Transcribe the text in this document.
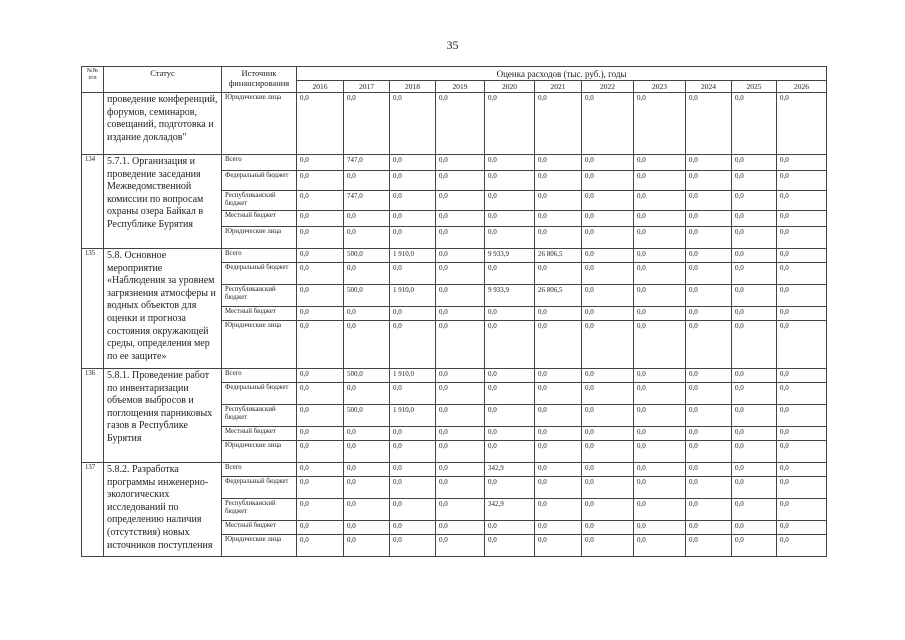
35
№№ п/п	Статус	Источник финансирования	Оценка расходов (тыс. руб.), годы										
			2016	2017	2018	2019	2020	2021	2022	2023	2024	2025	2026
	проведение конференций, форумов, семинаров, совещаний, подготовка и издание докладов"	Юридические лица	0,0	0,0	0,0	0,0	0,0	0,0	0,0	0,0	0,0	0,0	0,0
134	5.7.1. Организация и проведение заседания Межведомственной комиссии по вопросам охраны озера Байкал в Республике Бурятия	Всего	0,0	747,0	0,0	0,0	0,0	0,0	0,0	0,0	0,0	0,0	0,0
		Федеральный бюджет	0,0	0,0	0,0	0,0	0,0	0,0	0,0	0,0	0,0	0,0	0,0
		Республиканский бюджет	0,0	747,0	0,0	0,0	0,0	0,0	0,0	0,0	0,0	0,0	0,0
		Местный бюджет	0,0	0,0	0,0	0,0	0,0	0,0	0,0	0,0	0,0	0,0	0,0
		Юридические лица	0,0	0,0	0,0	0,0	0,0	0,0	0,0	0,0	0,0	0,0	0,0
135	5.8. Основное мероприятие «Наблюдения за уровнем загрязнения атмосферы и водных объектов для оценки и прогноза состояния окружающей среды, определения мер по ее защите»	Всего	0,0	500,0	1 910,0	0,0	9 933,9	26 806,5	0,0	0,0	0,0	0,0	0,0
		Федеральный бюджет	0,0	0,0	0,0	0,0	0,0	0,0	0,0	0,0	0,0	0,0	0,0
		Республиканский бюджет	0,0	500,0	1 910,0	0,0	9 933,9	26 806,5	0,0	0,0	0,0	0,0	0,0
		Местный бюджет	0,0	0,0	0,0	0,0	0,0	0,0	0,0	0,0	0,0	0,0	0,0
		Юридические лица	0,0	0,0	0,0	0,0	0,0	0,0	0,0	0,0	0,0	0,0	0,0
136	5.8.1. Проведение работ по инвентаризации объемов выбросов и поглощения парниковых газов в Республике Бурятия	Всего	0,0	500,0	1 910,0	0,0	0,0	0,0	0,0	0,0	0,0	0,0	0,0
		Федеральный бюджет	0,0	0,0	0,0	0,0	0,0	0,0	0,0	0,0	0,0	0,0	0,0
		Республиканский бюджет	0,0	500,0	1 910,0	0,0	0,0	0,0	0,0	0,0	0,0	0,0	0,0
		Местный бюджет	0,0	0,0	0,0	0,0	0,0	0,0	0,0	0,0	0,0	0,0	0,0
		Юридические лица	0,0	0,0	0,0	0,0	0,0	0,0	0,0	0,0	0,0	0,0	0,0
137	5.8.2. Разработка программы инженерно-экологических исследований по определению наличия (отсутствия) новых источников поступления	Всего	0,0	0,0	0,0	0,0	342,9	0,0	0,0	0,0	0,0	0,0	0,0
		Федеральный бюджет	0,0	0,0	0,0	0,0	0,0	0,0	0,0	0,0	0,0	0,0	0,0
		Республиканский бюджет	0,0	0,0	0,0	0,0	342,9	0,0	0,0	0,0	0,0	0,0	0,0
		Местный бюджет	0,0	0,0	0,0	0,0	0,0	0,0	0,0	0,0	0,0	0,0	0,0
		Юридические лица	0,0	0,0	0,0	0,0	0,0	0,0	0,0	0,0	0,0	0,0	0,0
